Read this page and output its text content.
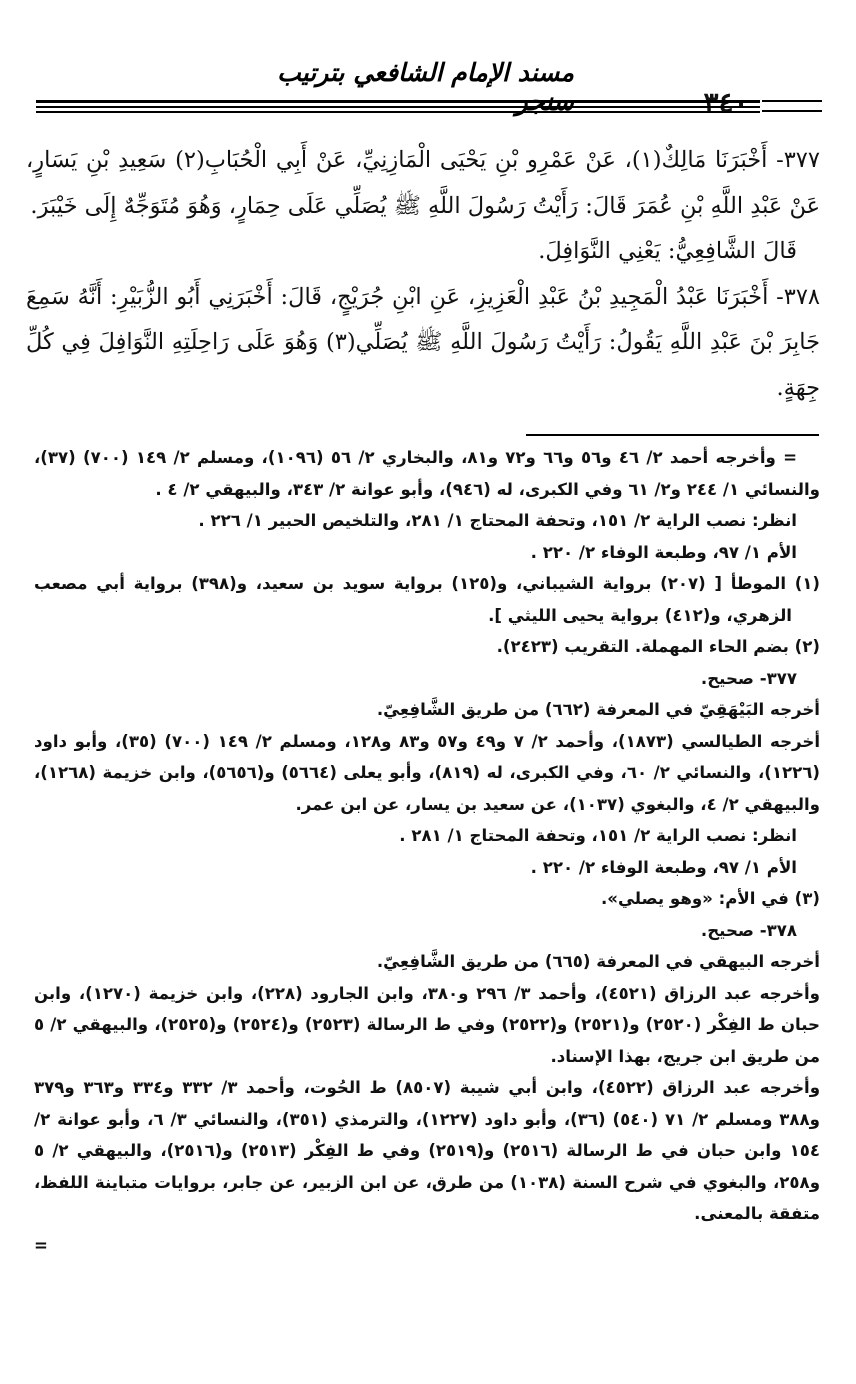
مسند الإمام الشافعي بترتيب

٣٧٧- أَخْبَرَنَا مَالِكٌ(١)، عَنْ عَمْرِو بْنِ يَحْيَى الْمَازِنِيِّ، عَنْ أَبِي الْحُبَابِ(٢) سَعِيدِ بْنِ يَسَارٍ، عَنْ عَبْدِ اللَّهِ بْنِ عُمَرَ قَالَ: رَأَيْتُ رَسُولَ اللَّهِ ﷺ يُصَلِّي عَلَى حِمَارٍ، وَهُوَ مُتَوَجِّهٌ إِلَى خَيْبَرَ.

قَالَ الشَّافِعِيُّ: يَعْنِي النَّوَافِلَ.

٣٧٨- أَخْبَرَنَا عَبْدُ الْمَجِيدِ بْنُ عَبْدِ الْعَزِيزِ، عَنِ ابْنِ جُرَيْجٍ، قَالَ: أَخْبَرَنِي أَبُو الزُّبَيْرِ: أَنَّهُ سَمِعَ جَابِرَ بْنَ عَبْدِ اللَّهِ يَقُولُ: رَأَيْتُ رَسُولَ اللَّهِ ﷺ يُصَلِّي(٣) وَهُوَ عَلَى رَاحِلَتِهِ النَّوَافِلَ فِي كُلِّ جِهَةٍ.

= وأخرجه أحمد ٢/ ٤٦ و٥٦ و٦٦ و٧٢ و٨١، والبخاري ٢/ ٥٦ (١٠٩٦)، ومسلم ٢/ ١٤٩ (٧٠٠) (٣٧)، والنسائي ١/ ٢٤٤ و٢/ ٦١ وفي الكبرى، له (٩٤٦)، وأبو عوانة ٢/ ٣٤٣، والبيهقي ٢/ ٤ .

انظر: نصب الراية ٢/ ١٥١، وتحفة المحتاج ١/ ٢٨١، والتلخيص الحبير ١/ ٢٢٦ .

الأم ١/ ٩٧، وطبعة الوفاء ٢/ ٢٢٠ .

(١) الموطأ [ (٢٠٧) برواية الشيباني، و(١٢٥) برواية سويد بن سعيد، و(٣٩٨) برواية أبي مصعب الزهري، و(٤١٢) برواية يحيى الليثي ].

(٢) بضم الحاء المهملة. التقريب (٢٤٢٣).

٣٧٧- صحيح.

أخرجه البَيْهَقِيّ في المعرفة (٦٦٢) من طريق الشَّافِعِيّ.

أخرجه الطيالسي (١٨٧٣)، وأحمد ٢/ ٧ و٤٩ و٥٧ و٨٣ و١٢٨، ومسلم ٢/ ١٤٩ (٧٠٠) (٣٥)، وأبو داود (١٢٢٦)، والنسائي ٢/ ٦٠، وفي الكبرى، له (٨١٩)، وأبو يعلى (٥٦٦٤) و(٥٦٥٦)، وابن خزيمة (١٢٦٨)، والبيهقي ٢/ ٤، والبغوي (١٠٣٧)، عن سعيد بن يسار، عن ابن عمر.

انظر: نصب الراية ٢/ ١٥١، وتحفة المحتاج ١/ ٢٨١ .

الأم ١/ ٩٧، وطبعة الوفاء ٢/ ٢٢٠ .

(٣) في الأم: «وهو يصلي».

٣٧٨- صحيح.

أخرجه البيهقي في المعرفة (٦٦٥) من طريق الشَّافِعِيّ.

وأخرجه عبد الرزاق (٤٥٢١)، وأحمد ٣/ ٢٩٦ و٣٨٠، وابن الجارود (٢٢٨)، وابن خزيمة (١٢٧٠)، وابن حبان ط الفِكْر (٢٥٢٠) و(٢٥٢١) و(٢٥٢٢) وفي ط الرسالة (٢٥٢٣) و(٢٥٢٤) و(٢٥٢٥)، والبيهقي ٢/ ٥ من طريق ابن جريج، بهذا الإسناد.

وأخرجه عبد الرزاق (٤٥٢٢)، وابن أبي شيبة (٨٥٠٧) ط الحُوت، وأحمد ٣/ ٣٣٢ و٣٣٤ و٣٦٣ و٣٧٩ و٣٨٨ ومسلم ٢/ ٧١ (٥٤٠) (٣٦)، وأبو داود (١٢٢٧)، والترمذي (٣٥١)، والنسائي ٣/ ٦، وأبو عوانة ٢/ ١٥٤ وابن حبان في ط الرسالة (٢٥١٦) و(٢٥١٩) وفي ط الفِكْر (٢٥١٣) و(٢٥١٦)، والبيهقي ٢/ ٥ و٢٥٨، والبغوي في شرح السنة (١٠٣٨) من طرق، عن ابن الزبير، عن جابر، بروايات متباينة اللفظ، متفقة بالمعنى.

=
